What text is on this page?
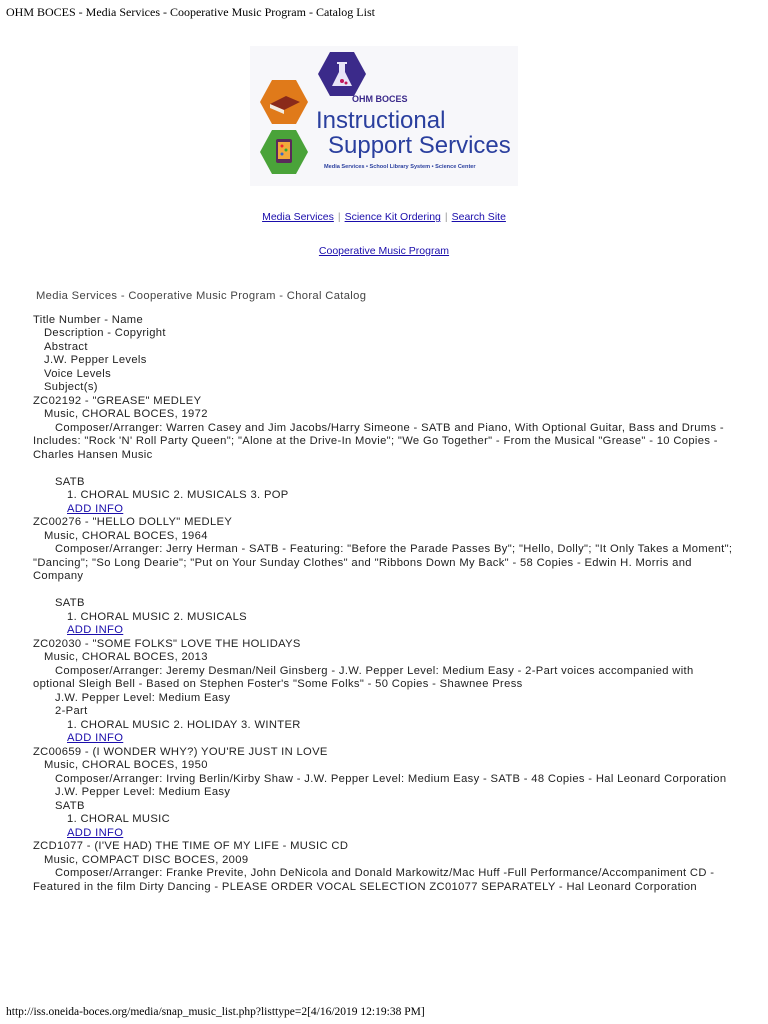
OHM BOCES - Media Services - Cooperative Music Program - Catalog List
OHM BOCES
Instructional
Support Services
Media Services • School Library System • Science Center
Media Services | Science Kit Ordering | Search Site
Cooperative Music Program
Media Services - Cooperative Music Program - Choral Catalog
Title Number - Name
Description - Copyright
Abstract
J.W. Pepper Levels
Voice Levels
Subject(s)
ZC02192 - "GREASE" MEDLEY
Music, CHORAL BOCES, 1972
Composer/Arranger: Warren Casey and Jim Jacobs/Harry Simeone - SATB and Piano, With Optional Guitar, Bass and Drums - Includes: "Rock 'N' Roll Party Queen"; "Alone at the Drive-In Movie"; "We Go Together" - From the Musical "Grease" - 10 Copies - Charles Hansen Music
SATB
1. CHORAL MUSIC 2. MUSICALS 3. POP
ADD INFO
ZC00276 - "HELLO DOLLY" MEDLEY
Music, CHORAL BOCES, 1964
Composer/Arranger: Jerry Herman - SATB - Featuring: "Before the Parade Passes By"; "Hello, Dolly"; "It Only Takes a Moment"; "Dancing"; "So Long Dearie"; "Put on Your Sunday Clothes" and "Ribbons Down My Back" - 58 Copies - Edwin H. Morris and Company
SATB
1. CHORAL MUSIC 2. MUSICALS
ADD INFO
ZC02030 - "SOME FOLKS" LOVE THE HOLIDAYS
Music, CHORAL BOCES, 2013
Composer/Arranger: Jeremy Desman/Neil Ginsberg - J.W. Pepper Level: Medium Easy - 2-Part voices accompanied with optional Sleigh Bell - Based on Stephen Foster's "Some Folks" - 50 Copies - Shawnee Press
J.W. Pepper Level: Medium Easy
2-Part
1. CHORAL MUSIC 2. HOLIDAY 3. WINTER
ADD INFO
ZC00659 - (I WONDER WHY?) YOU'RE JUST IN LOVE
Music, CHORAL BOCES, 1950
Composer/Arranger: Irving Berlin/Kirby Shaw - J.W. Pepper Level: Medium Easy - SATB - 48 Copies - Hal Leonard Corporation
J.W. Pepper Level: Medium Easy
SATB
1. CHORAL MUSIC
ADD INFO
ZCD1077 - (I'VE HAD) THE TIME OF MY LIFE - MUSIC CD
Music, COMPACT DISC BOCES, 2009
Composer/Arranger: Franke Previte, John DeNicola and Donald Markowitz/Mac Huff -Full Performance/Accompaniment CD - Featured in the film Dirty Dancing - PLEASE ORDER VOCAL SELECTION ZC01077 SEPARATELY - Hal Leonard Corporation
http://iss.oneida-boces.org/media/snap_music_list.php?listtype=2[4/16/2019 12:19:38 PM]
